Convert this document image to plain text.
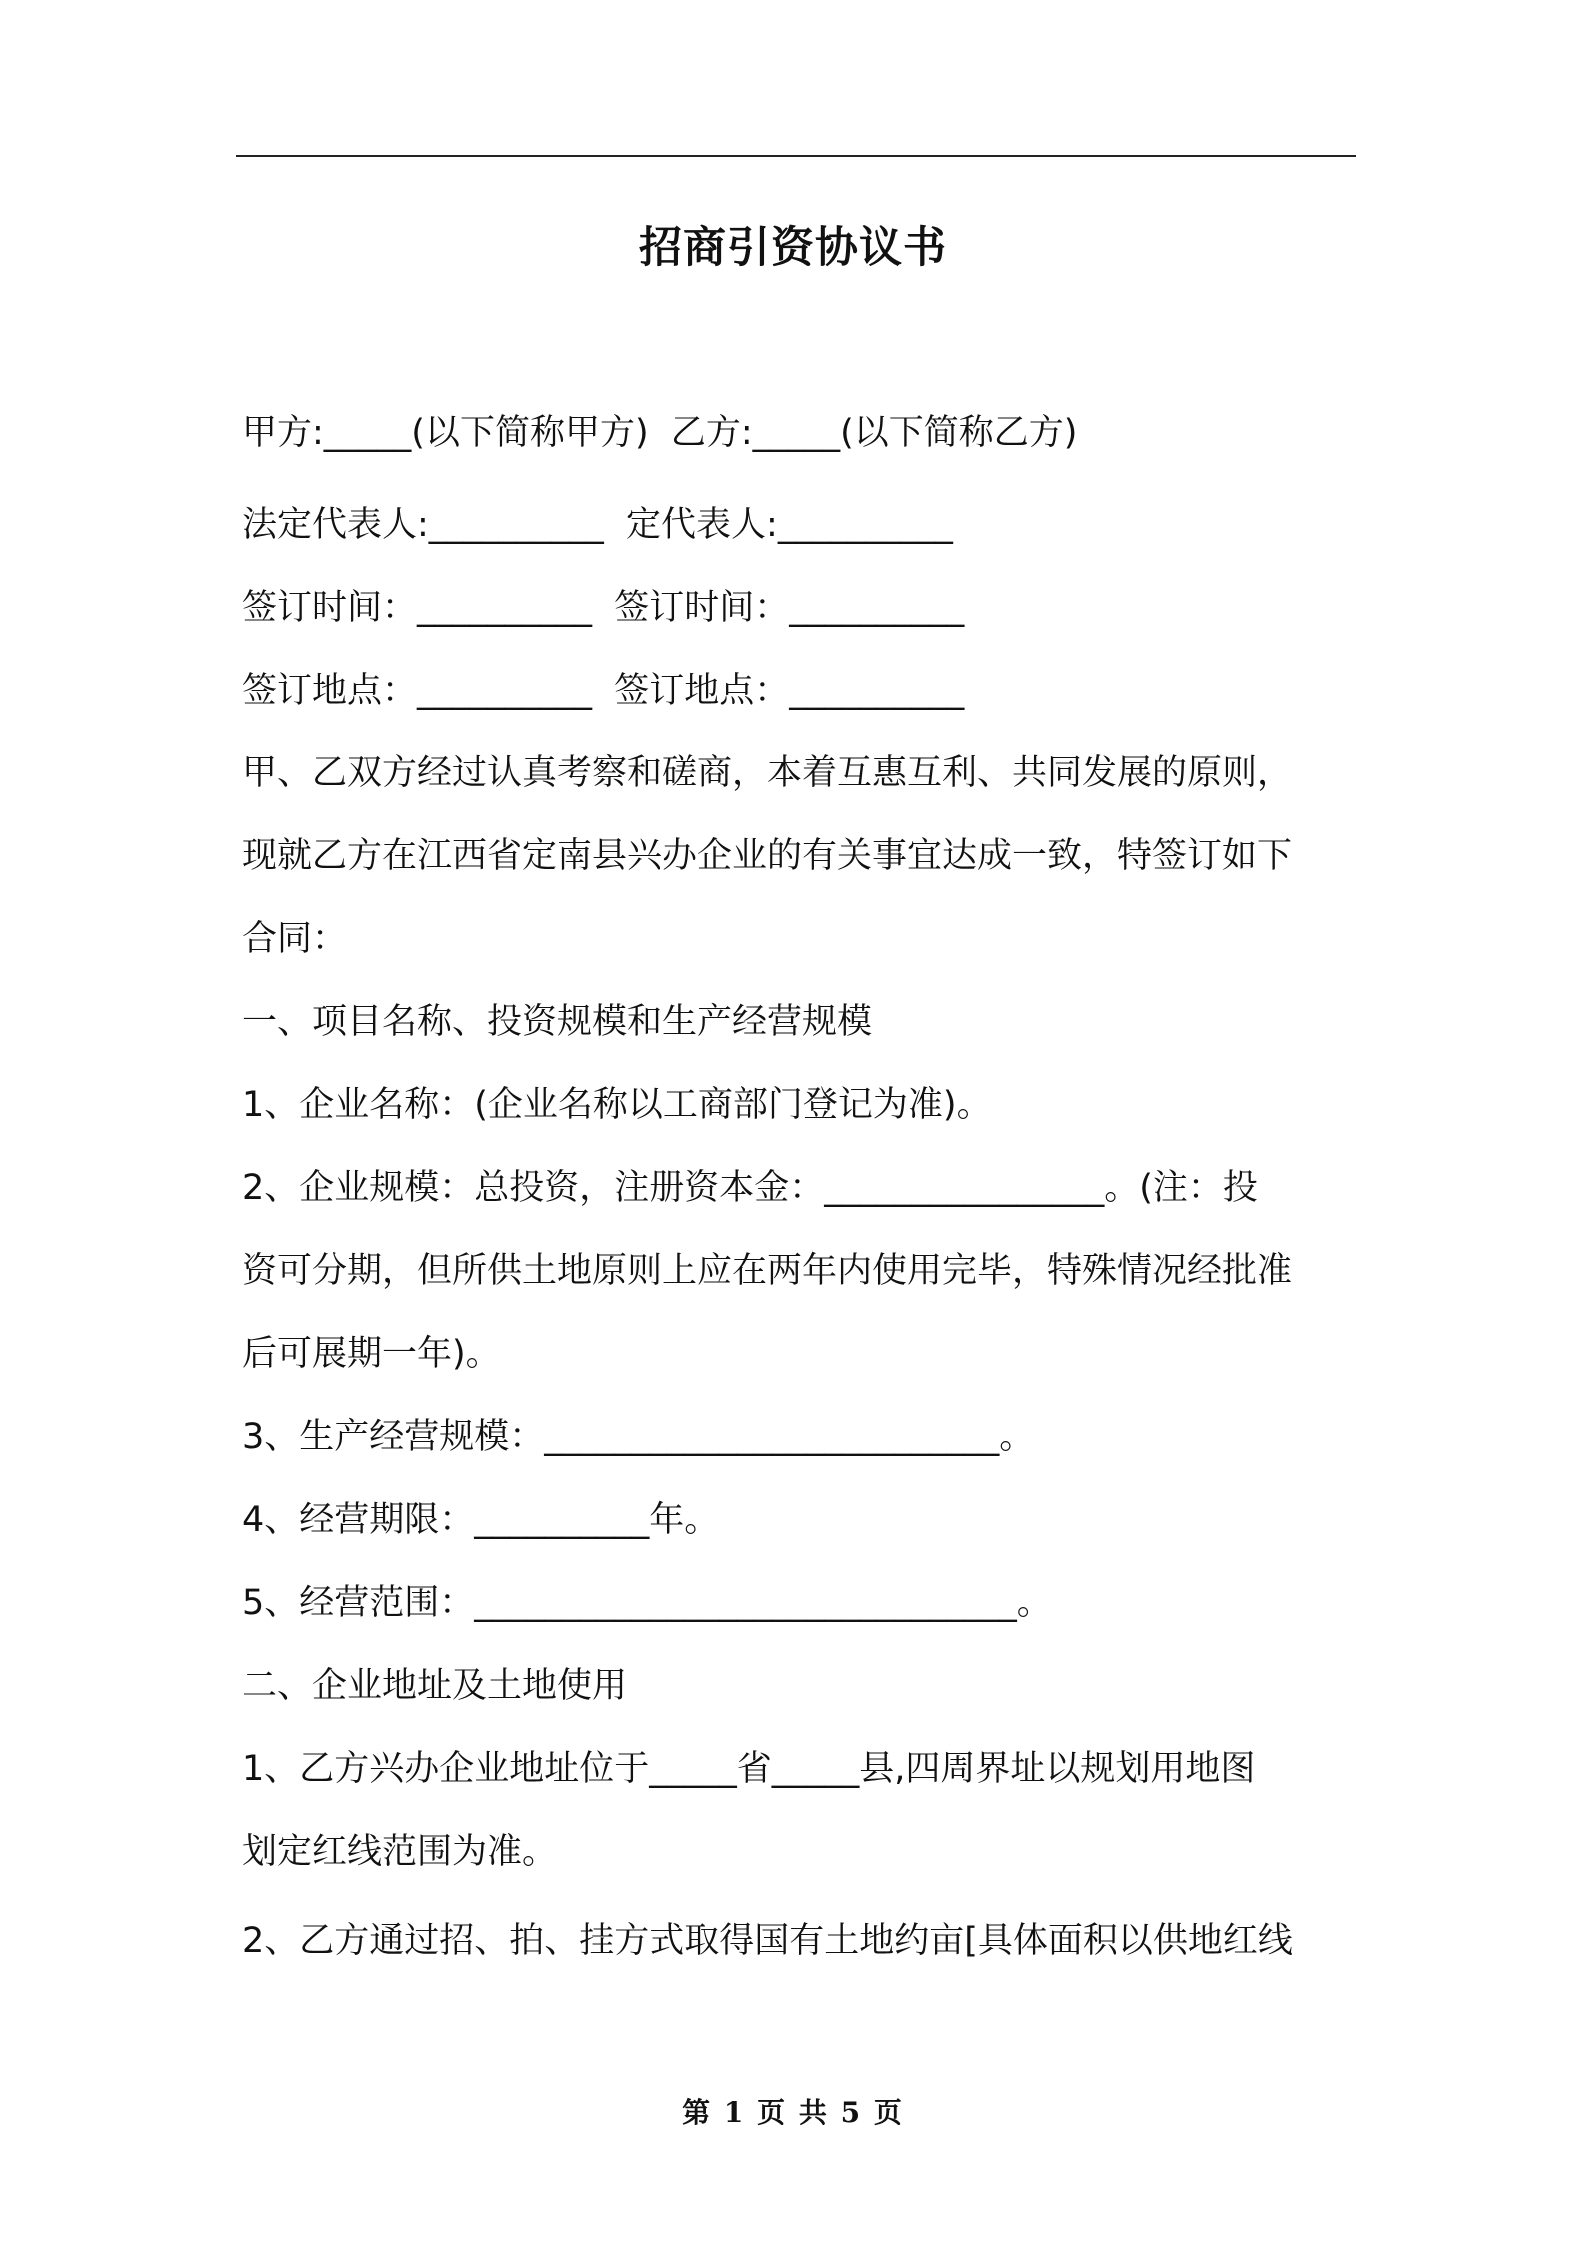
招商引资协议书

甲方:_____(以下简称甲方)  乙方:_____(以下简称乙方)

法定代表人:__________  定代表人:__________

签订时间：__________  签订时间：__________

签订地点：__________  签订地点：__________

甲、乙双方经过认真考察和磋商，本着互惠互利、共同发展的原则，

现就乙方在江西省定南县兴办企业的有关事宜达成一致，特签订如下

合同：

一、项目名称、投资规模和生产经营规模

1、企业名称：(企业名称以工商部门登记为准)。

2、企业规模：总投资，注册资本金：________________。(注：投

资可分期，但所供土地原则上应在两年内使用完毕，特殊情况经批准

后可展期一年)。

3、生产经营规模：__________________________。

4、经营期限：__________年。

5、经营范围：_______________________________。

二、企业地址及土地使用

1、乙方兴办企业地址位于_____省_____县,四周界址以规划用地图

划定红线范围为准。

2、乙方通过招、拍、挂方式取得国有土地约亩[具体面积以供地红线

第 1 页 共 5 页
